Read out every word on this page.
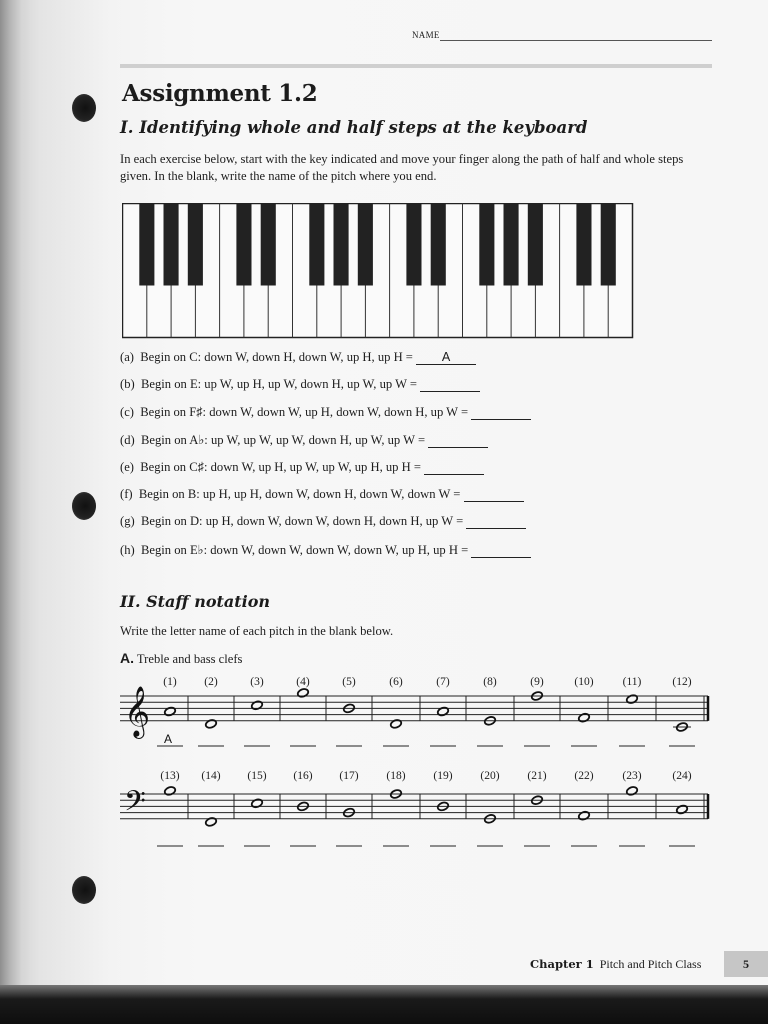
NAME
Assignment 1.2
I. Identifying whole and half steps at the keyboard
In each exercise below, start with the key indicated and move your finger along the path of half and whole steps given. In the blank, write the name of the pitch where you end.
(a) Begin on C: down W, down H, down W, up H, up H = A
(b) Begin on E: up W, up H, up W, down H, up W, up W =
(c) Begin on F♯: down W, down W, up H, down W, down H, up W =
(d) Begin on A♭: up W, up W, up W, down H, up W, up W =
(e) Begin on C♯: down W, up H, up W, up W, up H, up H =
(f) Begin on B: up H, up H, down W, down H, down W, down W =
(g) Begin on D: up H, down W, down W, down H, down H, up W =
(h) Begin on E♭: down W, down W, down W, down W, up H, up H =
II. Staff notation
Write the letter name of each pitch in the blank below.
A. Treble and bass clefs
𝄞
(1)
A
(2)	(3)	(4)	(5)	(6)	(7)	(8)	(9)	(10)	(11)	(12)
𝄢
(13) (14) (15) (16) (17) (18) (19) (20) (21) (22)	(23)	(24)
Chapter 1 Pitch and Pitch Class	5
